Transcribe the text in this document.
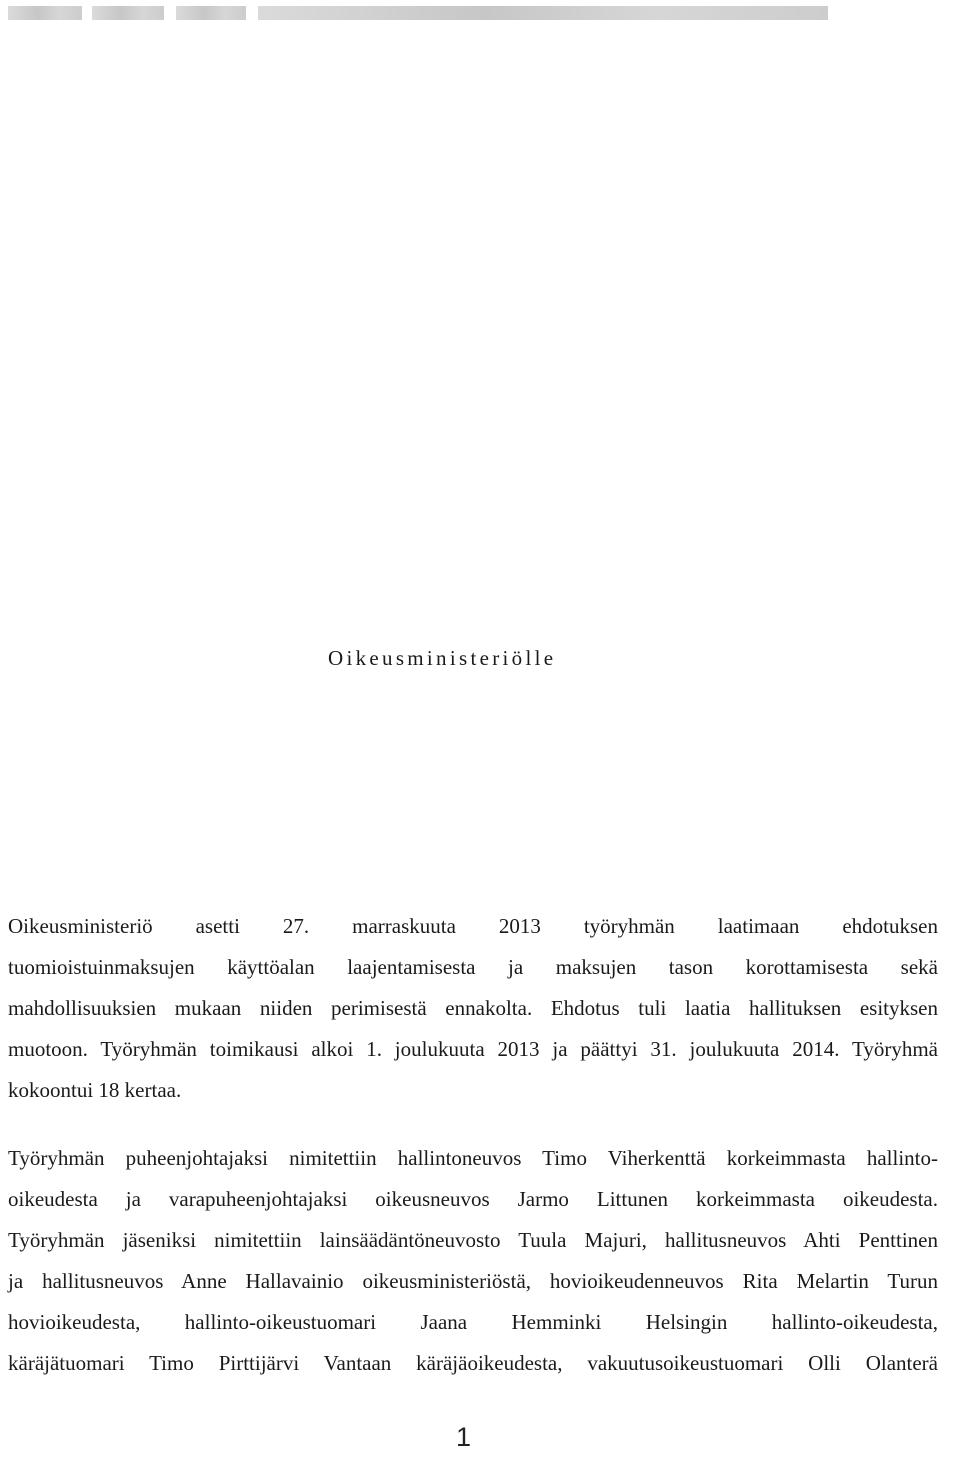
Oikeusministeriölle

Oikeusministeriö asetti 27. marraskuuta 2013 työryhmän laatimaan ehdotuksen
tuomioistuinmaksujen käyttöalan laajentamisesta ja maksujen tason korottamisesta sekä
mahdollisuuksien mukaan niiden perimisestä ennakolta. Ehdotus tuli laatia hallituksen esityksen
muotoon. Työryhmän toimikausi alkoi 1. joulukuuta 2013 ja päättyi 31. joulukuuta 2014. Työryhmä
kokoontui 18 kertaa.

Työryhmän puheenjohtajaksi nimitettiin hallintoneuvos Timo Viherkenttä korkeimmasta hallinto-
oikeudesta ja varapuheenjohtajaksi oikeusneuvos Jarmo Littunen korkeimmasta oikeudesta.
Työryhmän jäseniksi nimitettiin lainsäädäntöneuvosto Tuula Majuri, hallitusneuvos Ahti Penttinen
ja hallitusneuvos Anne Hallavainio oikeusministeriöstä, hovioikeudenneuvos Rita Melartin Turun
hovioikeudesta, hallinto-oikeustuomari Jaana Hemminki Helsingin hallinto-oikeudesta,
käräjätuomari Timo Pirttijärvi Vantaan käräjäoikeudesta, vakuutusoikeustuomari Olli Olanterä

1
